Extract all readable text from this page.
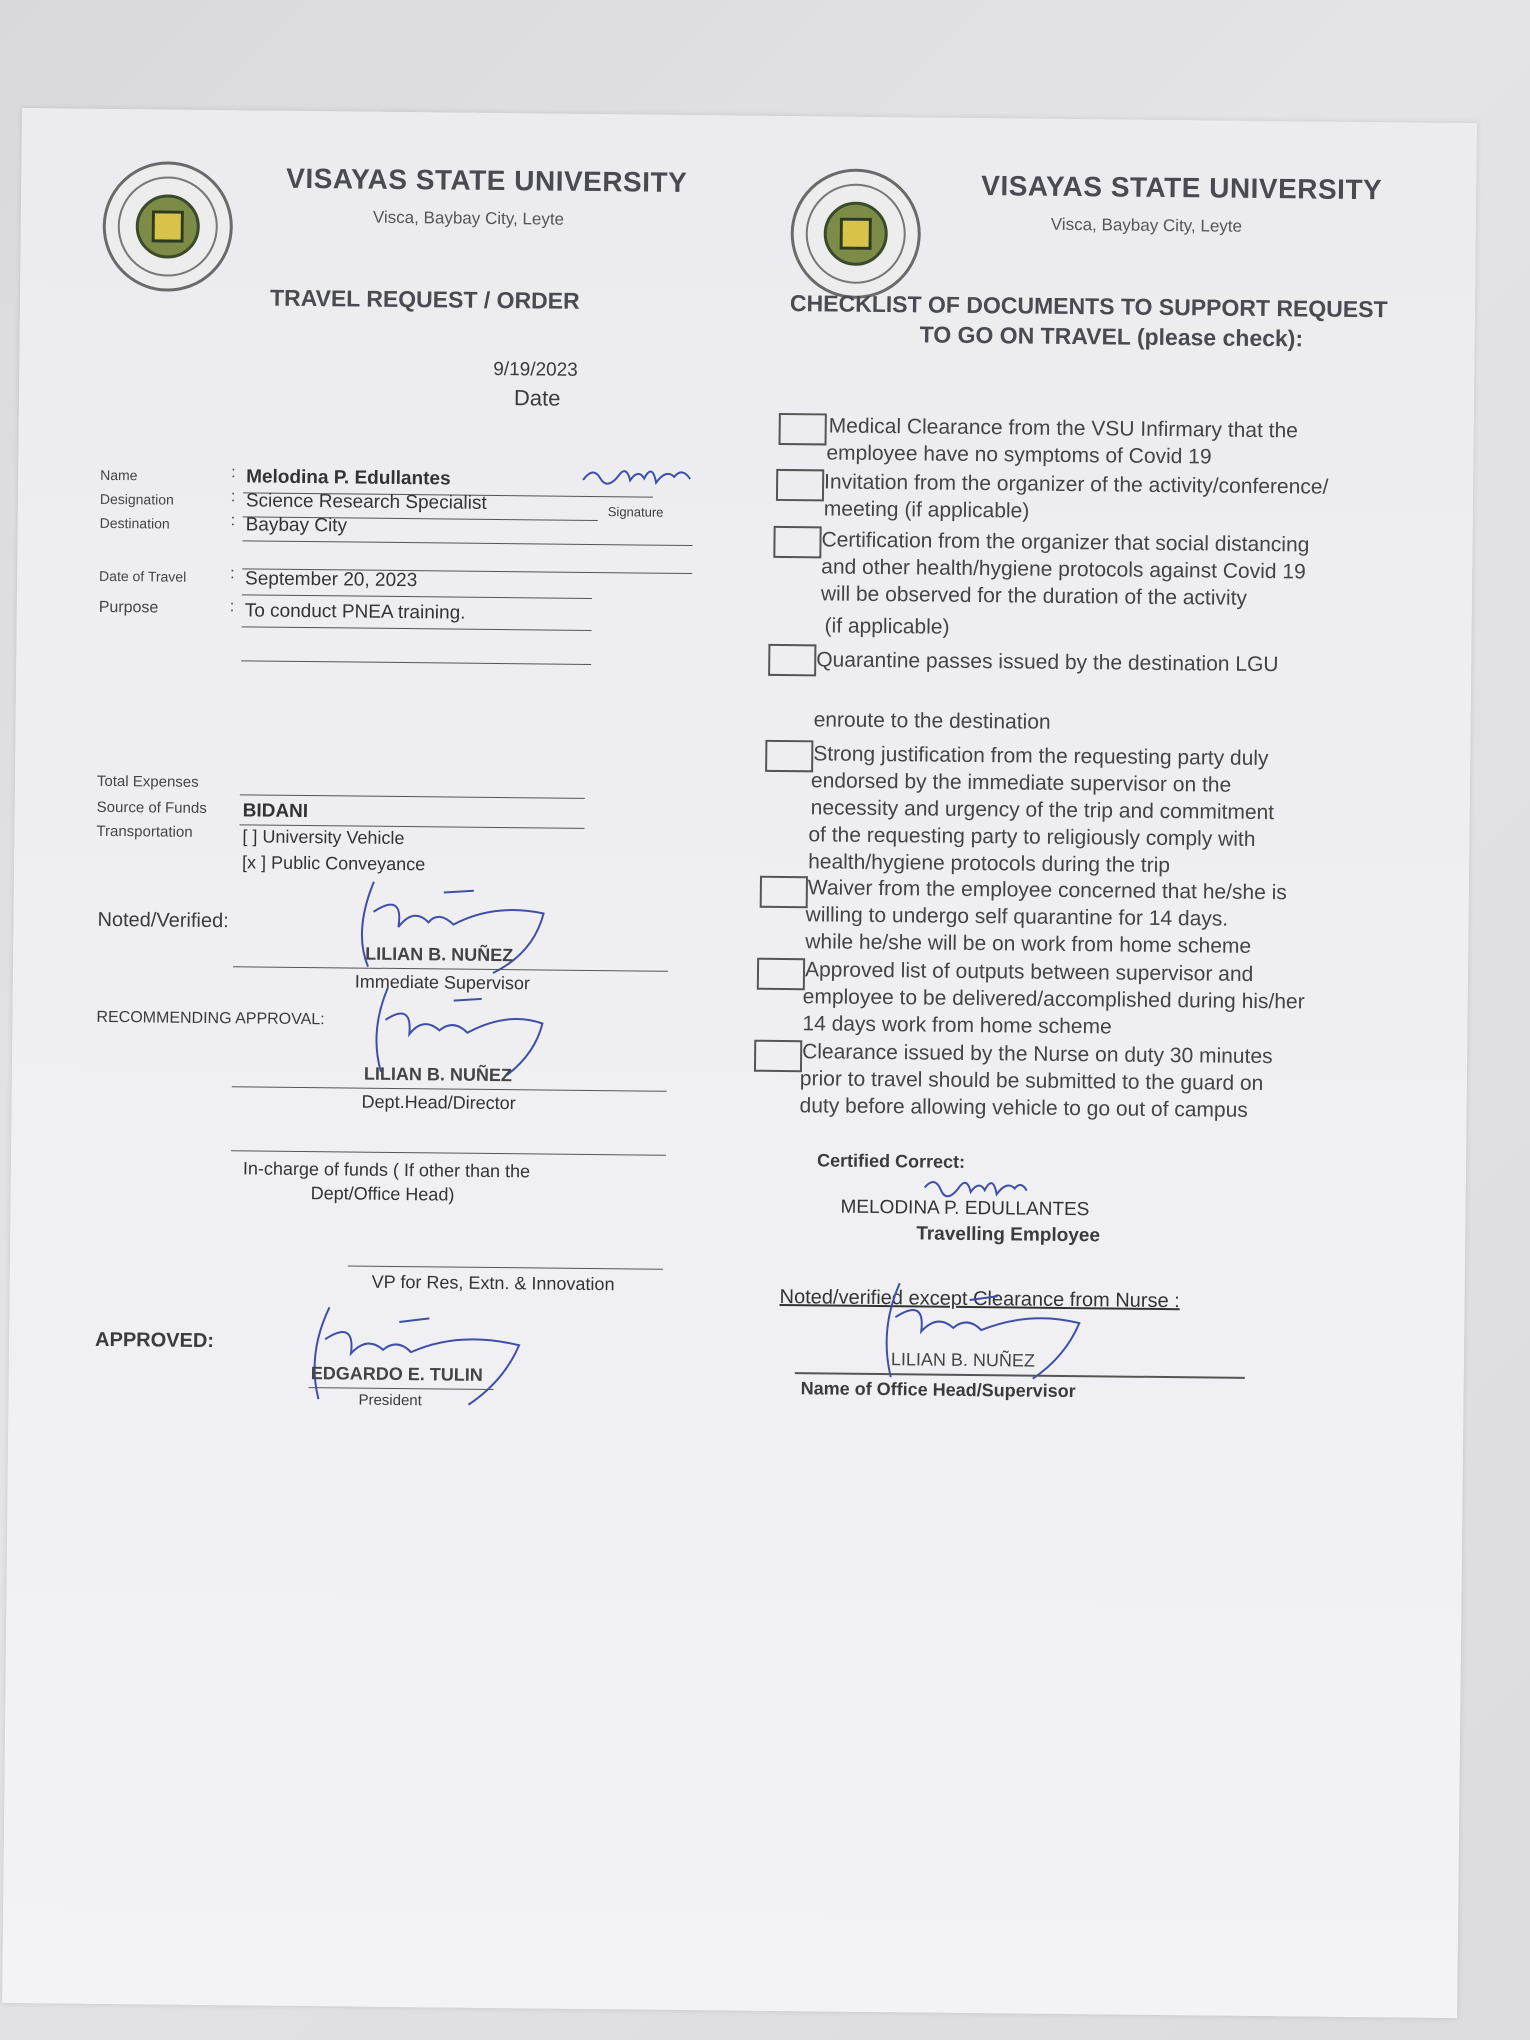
VISAYAS STATE UNIVERSITY
Visca, Baybay City, Leyte
TRAVEL REQUEST / ORDER
9/19/2023
Date
Name	: Melodina P. Edullantes
Signature
Designation	: Science Research Specialist
Destination	: Baybay City
Date of Travel	: September 20, 2023
Purpose	: To conduct PNEA training.
Total Expenses
Source of Funds BIDANI
Transportation	[ ] University Vehicle
[x ] Public Conveyance
Noted/Verified:
LILIAN B. NUÑEZ
Immediate Supervisor
RECOMMENDING APPROVAL:
LILIAN B. NUÑEZ
Dept.Head/Director
In-charge of funds ( If other than the
Dept/Office Head)
VP for Res, Extn. & Innovation
APPROVED:
EDGARDO E. TULIN
President
VISAYAS STATE UNIVERSITY
Visca, Baybay City, Leyte
CHECKLIST OF DOCUMENTS TO SUPPORT REQUEST
TO GO ON TRAVEL (please check):
Medical Clearance from the VSU Infirmary that the
employee have no symptoms of Covid 19
Invitation from the organizer of the activity/conference/
meeting (if applicable)
Certification from the organizer that social distancing
and other health/hygiene protocols against Covid 19
will be observed for the duration of the activity
(if applicable)
Quarantine passes issued by the destination LGU
enroute to the destination
Strong justification from the requesting party duly
endorsed by the immediate supervisor on the
necessity and urgency of the trip and commitment
of the requesting party to religiously comply with
health/hygiene protocols during the trip
Waiver from the employee concerned that he/she is
willing to undergo self quarantine for 14 days.
while he/she will be on work from home scheme
Approved list of outputs between supervisor and
employee to be delivered/accomplished during his/her
14 days work from home scheme
Clearance issued by the Nurse on duty 30 minutes
prior to travel should be submitted to the guard on
duty before allowing vehicle to go out of campus
Certified Correct:
MELODINA P. EDULLANTES
Travelling Employee
Noted/verified except Clearance from Nurse :
LILIAN B. NUÑEZ
Name of Office Head/Supervisor
